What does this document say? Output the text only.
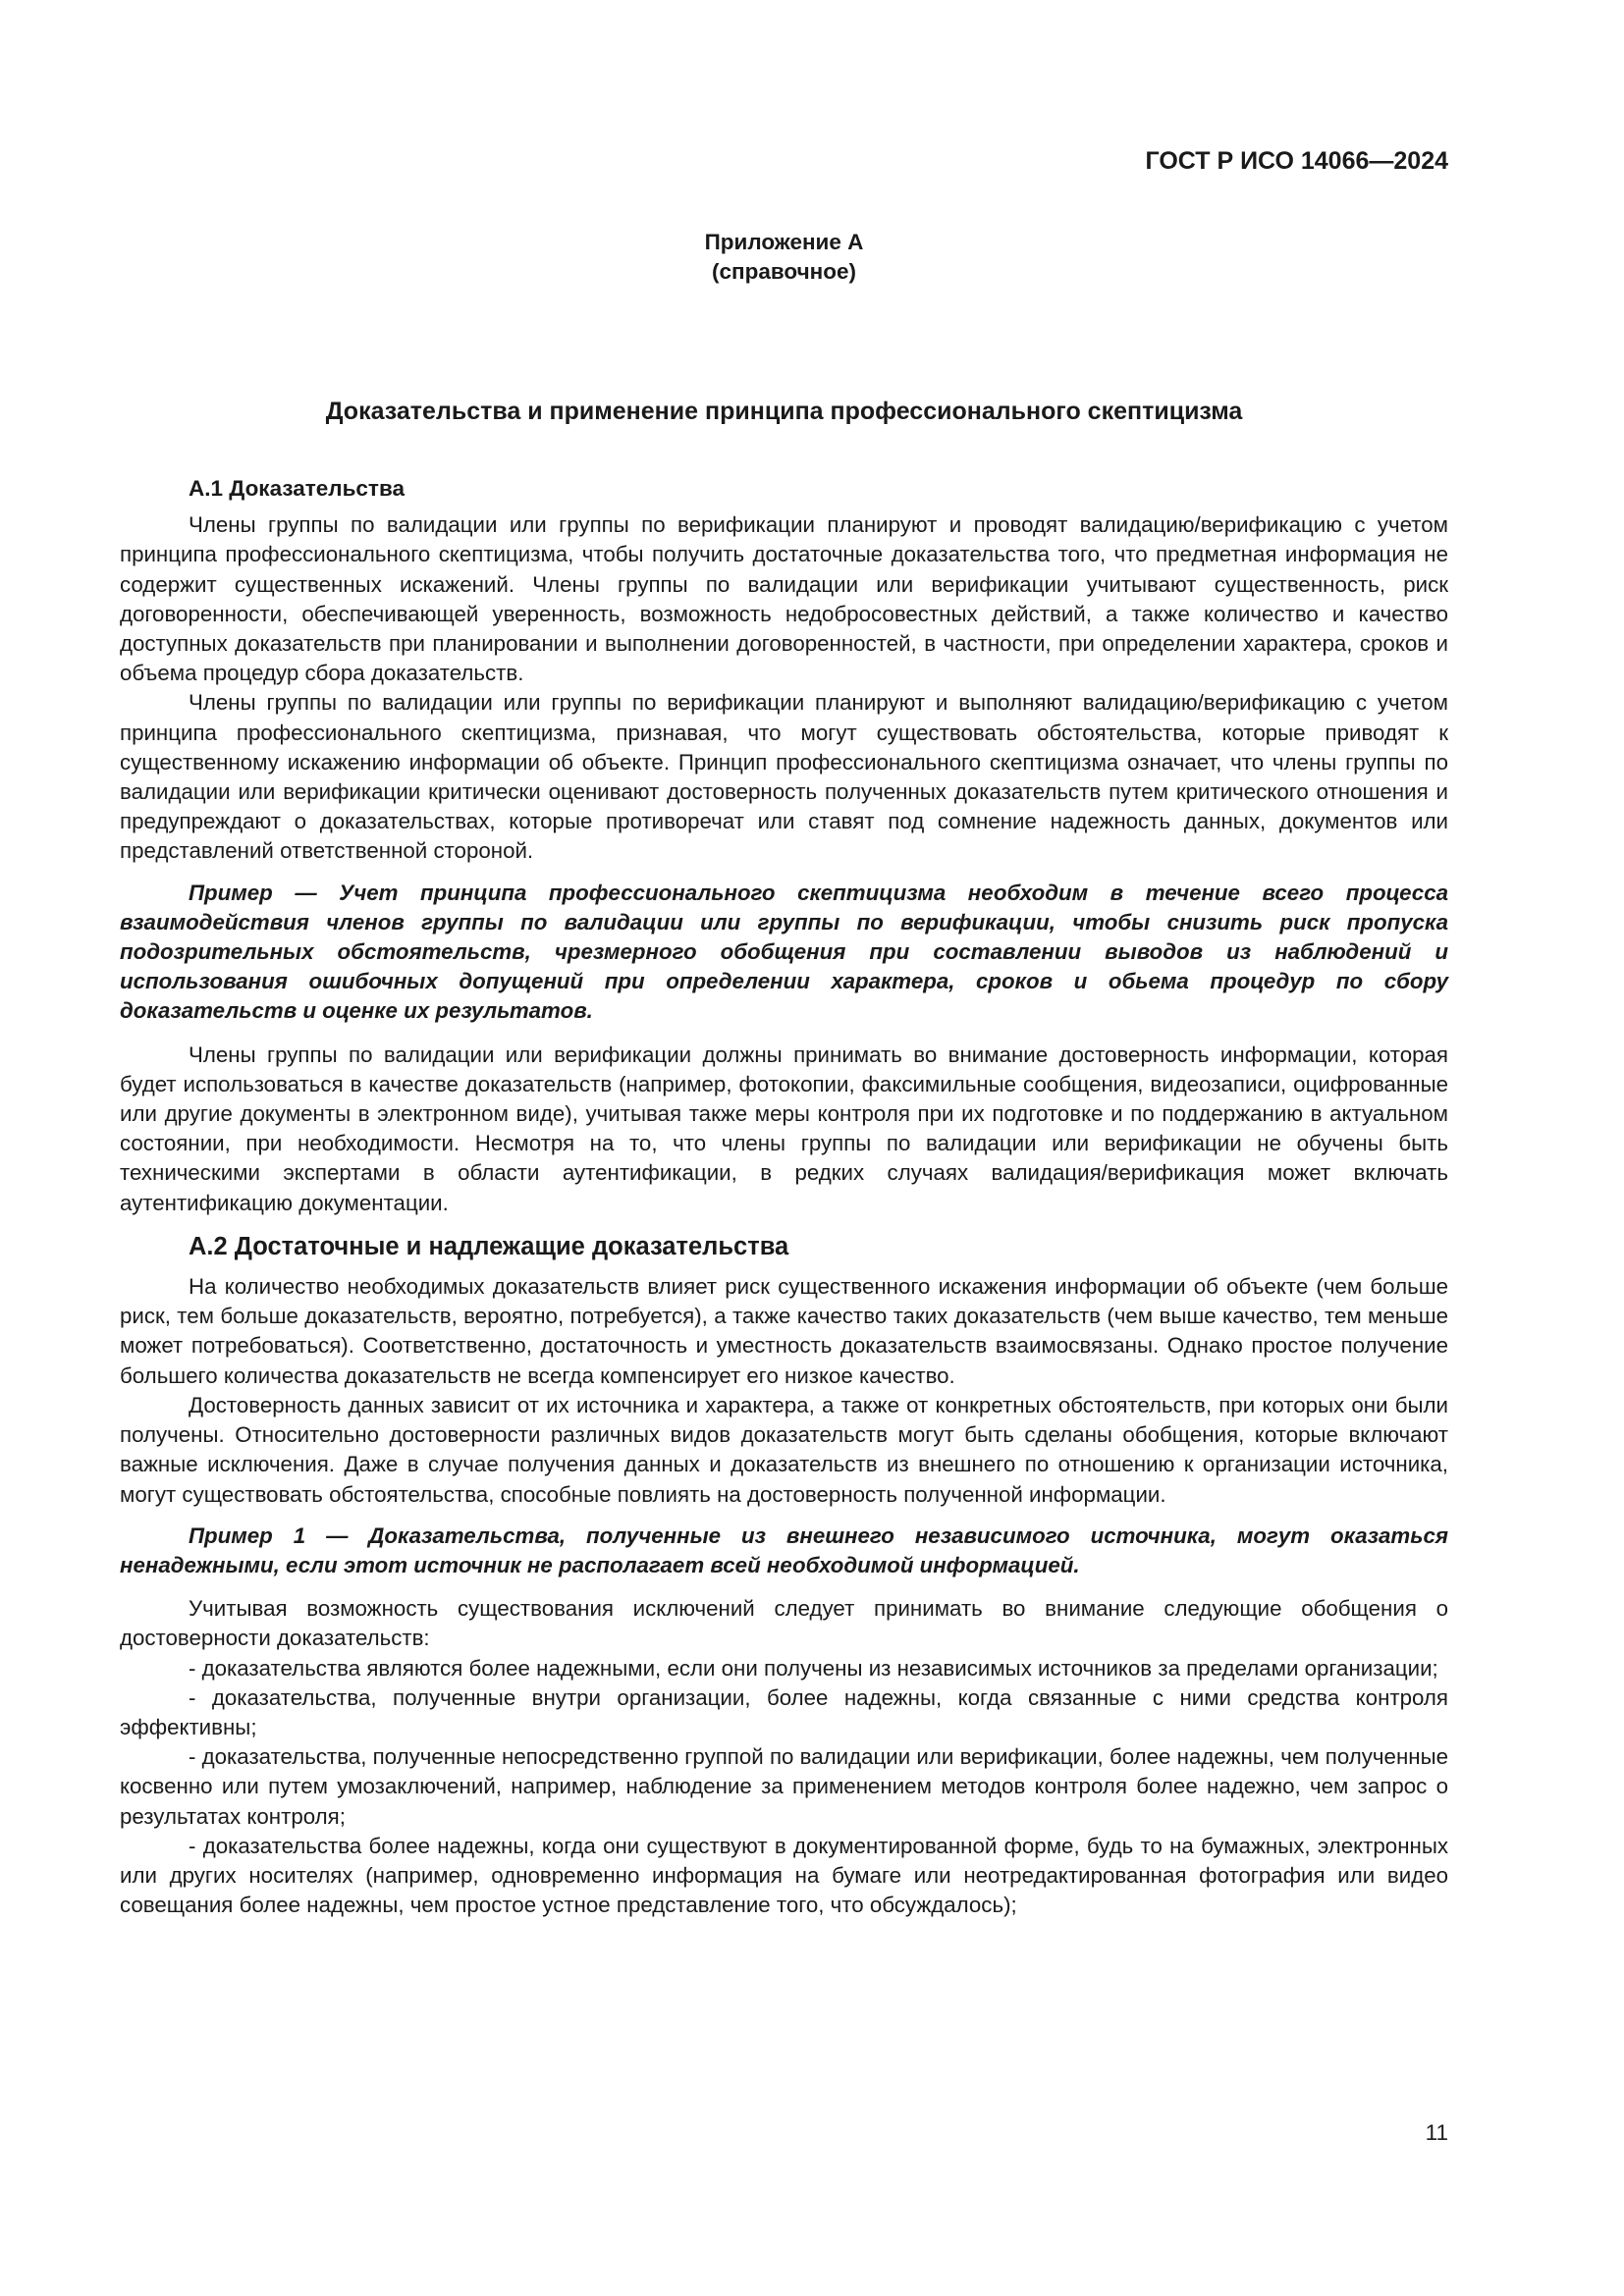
ГОСТ Р ИСО 14066—2024
Приложение А
(справочное)
Доказательства и применение принципа профессионального скептицизма
А.1 Доказательства

Члены группы по валидации или группы по верификации планируют и проводят валидацию/верификацию с учетом принципа профессионального скептицизма, чтобы получить достаточные доказательства того, что предметная информация не содержит существенных искажений. Члены группы по валидации или верификации учитывают существенность, риск договоренности, обеспечивающей уверенность, возможность недобросовестных действий, а также количество и качество доступных доказательств при планировании и выполнении договоренностей, в частности, при определении характера, сроков и объема процедур сбора доказательств.

Члены группы по валидации или группы по верификации планируют и выполняют валидацию/верификацию с учетом принципа профессионального скептицизма, признавая, что могут существовать обстоятельства, которые приводят к существенному искажению информации об объекте. Принцип профессионального скептицизма означает, что члены группы по валидации или верификации критически оценивают достоверность полученных доказательств путем критического отношения и предупреждают о доказательствах, которые противоречат или ставят под сомнение надежность данных, документов или представлений ответственной стороной.

Пример — Учет принципа профессионального скептицизма необходим в течение всего процесса взаимодействия членов группы по валидации или группы по верификации, чтобы снизить риск пропуска подозрительных обстоятельств, чрезмерного обобщения при составлении выводов из наблюдений и использования ошибочных допущений при определении характера, сроков и обьема процедур по сбору доказательств и оценке их результатов.

Члены группы по валидации или верификации должны принимать во внимание достоверность информации, которая будет использоваться в качестве доказательств (например, фотокопии, факсимильные сообщения, видеозаписи, оцифрованные или другие документы в электронном виде), учитывая также меры контроля при их подготовке и по поддержанию в актуальном состоянии, при необходимости. Несмотря на то, что члены группы по валидации или верификации не обучены быть техническими экспертами в области аутентификации, в редких случаях валидация/верификация может включать аутентификацию документации.

А.2 Достаточные и надлежащие доказательства

На количество необходимых доказательств влияет риск существенного искажения информации об объекте (чем больше риск, тем больше доказательств, вероятно, потребуется), а также качество таких доказательств (чем выше качество, тем меньше может потребоваться). Соответственно, достаточность и уместность доказательств взаимосвязаны. Однако простое получение большего количества доказательств не всегда компенсирует его низкое качество.

Достоверность данных зависит от их источника и характера, а также от конкретных обстоятельств, при которых они были получены. Относительно достоверности различных видов доказательств могут быть сделаны обобщения, которые включают важные исключения. Даже в случае получения данных и доказательств из внешнего по отношению к организации источника, могут существовать обстоятельства, способные повлиять на достоверность полученной информации.

Пример 1 — Доказательства, полученные из внешнего независимого источника, могут оказаться ненадежными, если этот источник не располагает всей необходимой информацией.

Учитывая возможность существования исключений следует принимать во внимание следующие обобщения о достоверности доказательств:

- доказательства являются более надежными, если они получены из независимых источников за пределами организации;

- доказательства, полученные внутри организации, более надежны, когда связанные с ними средства контроля эффективны;

- доказательства, полученные непосредственно группой по валидации или верификации, более надежны, чем полученные косвенно или путем умозаключений, например, наблюдение за применением методов контроля более надежно, чем запрос о результатах контроля;

- доказательства более надежны, когда они существуют в документированной форме, будь то на бумажных, электронных или других носителях (например, одновременно информация на бумаге или неотредактированная фотография или видео совещания более надежны, чем простое устное представление того, что обсуждалось);

11
